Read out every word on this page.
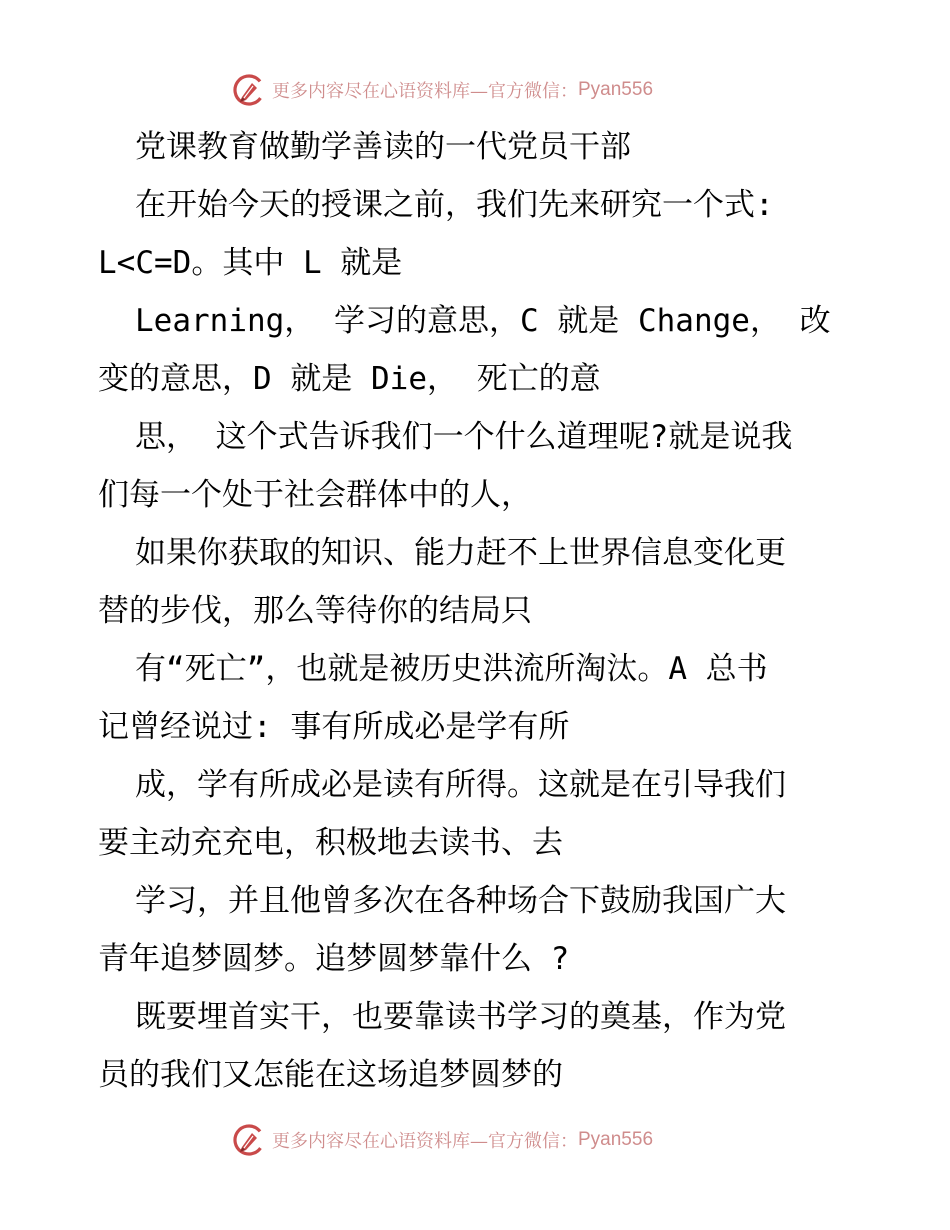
更多内容尽在心语资料库—官方微信： Pyan556
党课教育做勤学善读的一代党员干部
在开始今天的授课之前，我们先来研究一个式:
L<C=D。其中 L 就是
Learning， 学习的意思，C 就是 Change， 改
变的意思，D 就是 Die， 死亡的意
思， 这个式告诉我们一个什么道理呢?就是说我
们每一个处于社会群体中的人，
如果你获取的知识、能力赶不上世界信息变化更
替的步伐，那么等待你的结局只
有“死亡”，也就是被历史洪流所淘汰。A 总书
记曾经说过: 事有所成必是学有所
成，学有所成必是读有所得。这就是在引导我们
要主动充充电，积极地去读书、去
学习，并且他曾多次在各种场合下鼓励我国广大
青年追梦圆梦。追梦圆梦靠什么 ?
既要埋首实干，也要靠读书学习的奠基，作为党
员的我们又怎能在这场追梦圆梦的
更多内容尽在心语资料库—官方微信： Pyan556
